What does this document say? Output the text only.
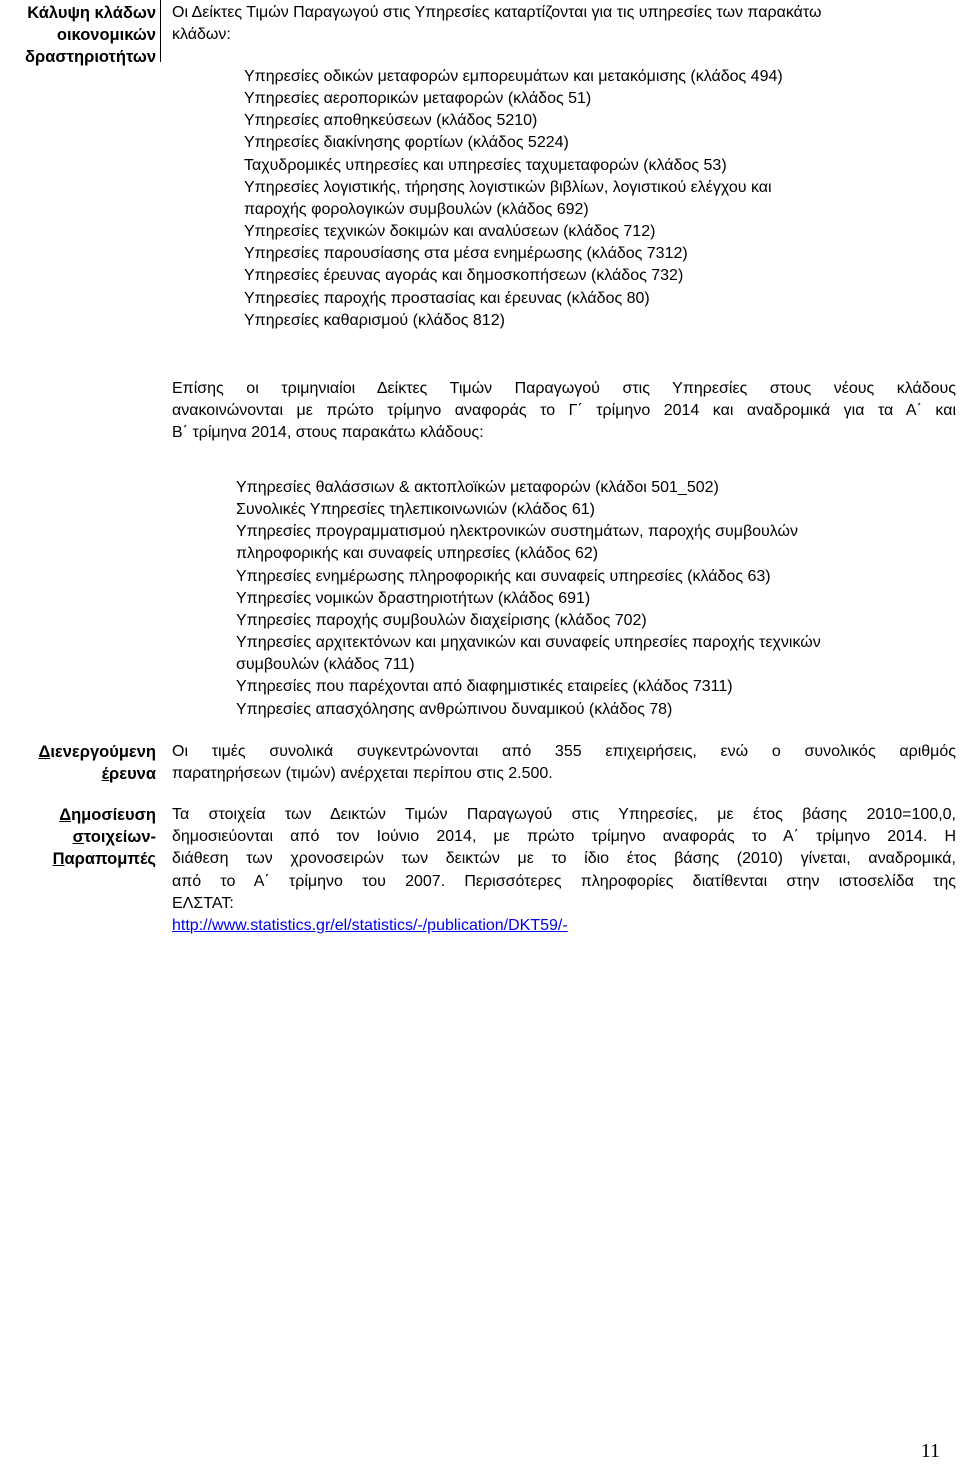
Κάλυψη κλάδων
οικονομικών
δραστηριοτήτων
Οι Δείκτες Τιμών Παραγωγού στις Υπηρεσίες καταρτίζονται για τις υπηρεσίες των παρακάτω
κλάδων:
Υπηρεσίες οδικών μεταφορών εμπορευμάτων και μετακόμισης (κλάδος 494)
Υπηρεσίες αεροπορικών μεταφορών (κλάδος 51)
Υπηρεσίες αποθηκεύσεων (κλάδος 5210)
Υπηρεσίες διακίνησης φορτίων (κλάδος 5224)
Ταχυδρομικές υπηρεσίες και υπηρεσίες ταχυμεταφορών (κλάδος 53)
Υπηρεσίες λογιστικής, τήρησης λογιστικών βιβλίων, λογιστικού ελέγχου και
παροχής φορολογικών συμβουλών (κλάδος 692)
Υπηρεσίες τεχνικών δοκιμών και αναλύσεων (κλάδος 712)
Υπηρεσίες παρουσίασης στα μέσα ενημέρωσης (κλάδος 7312)
Υπηρεσίες έρευνας αγοράς και δημοσκοπήσεων (κλάδος 732)
Υπηρεσίες παροχής προστασίας και έρευνας (κλάδος 80)
Υπηρεσίες καθαρισμού (κλάδος 812)
Επίσης οι τριμηνιαίοι Δείκτες Τιμών Παραγωγού στις Υπηρεσίες στους νέους κλάδους
ανακοινώνονται με πρώτο τρίμηνο αναφοράς το Γ΄ τρίμηνο 2014 και αναδρομικά για τα Α΄ και
Β΄ τρίμηνα 2014, στους παρακάτω κλάδους:
Υπηρεσίες θαλάσσιων & ακτοπλοϊκών μεταφορών (κλάδοι 501_502)
Συνολικές Υπηρεσίες τηλεπικοινωνιών (κλάδος 61)
Υπηρεσίες προγραμματισμού ηλεκτρονικών συστημάτων, παροχής συμβουλών
πληροφορικής και συναφείς υπηρεσίες (κλάδος 62)
Υπηρεσίες ενημέρωσης πληροφορικής και συναφείς υπηρεσίες (κλάδος 63)
Υπηρεσίες νομικών δραστηριοτήτων (κλάδος 691)
Υπηρεσίες παροχής συμβουλών διαχείρισης (κλάδος 702)
Υπηρεσίες αρχιτεκτόνων και μηχανικών και συναφείς υπηρεσίες παροχής τεχνικών
συμβουλών (κλάδος 711)
Υπηρεσίες που παρέχονται από διαφημιστικές εταιρείες (κλάδος 7311)
Υπηρεσίες απασχόλησης ανθρώπινου δυναμικού (κλάδος 78)
Διενεργούμενη
έρευνα
Οι τιμές συνολικά συγκεντρώνονται από 355 επιχειρήσεις, ενώ ο συνολικός αριθμός
παρατηρήσεων (τιμών) ανέρχεται περίπου στις 2.500.
Δημοσίευση
στοιχείων-
Παραπομπές
Τα στοιχεία των Δεικτών Τιμών Παραγωγού στις Υπηρεσίες, με έτος βάσης 2010=100,0,
δημοσιεύονται από τον Ιούνιο 2014, με πρώτο τρίμηνο αναφοράς το Α΄ τρίμηνο 2014. Η
διάθεση των χρονοσειρών των δεικτών με το ίδιο έτος βάσης (2010) γίνεται, αναδρομικά,
από το Α΄ τρίμηνο του 2007. Περισσότερες πληροφορίες διατίθενται στην ιστοσελίδα της
ΕΛΣΤΑΤ:
http://www.statistics.gr/el/statistics/-/publication/DKT59/-
11
